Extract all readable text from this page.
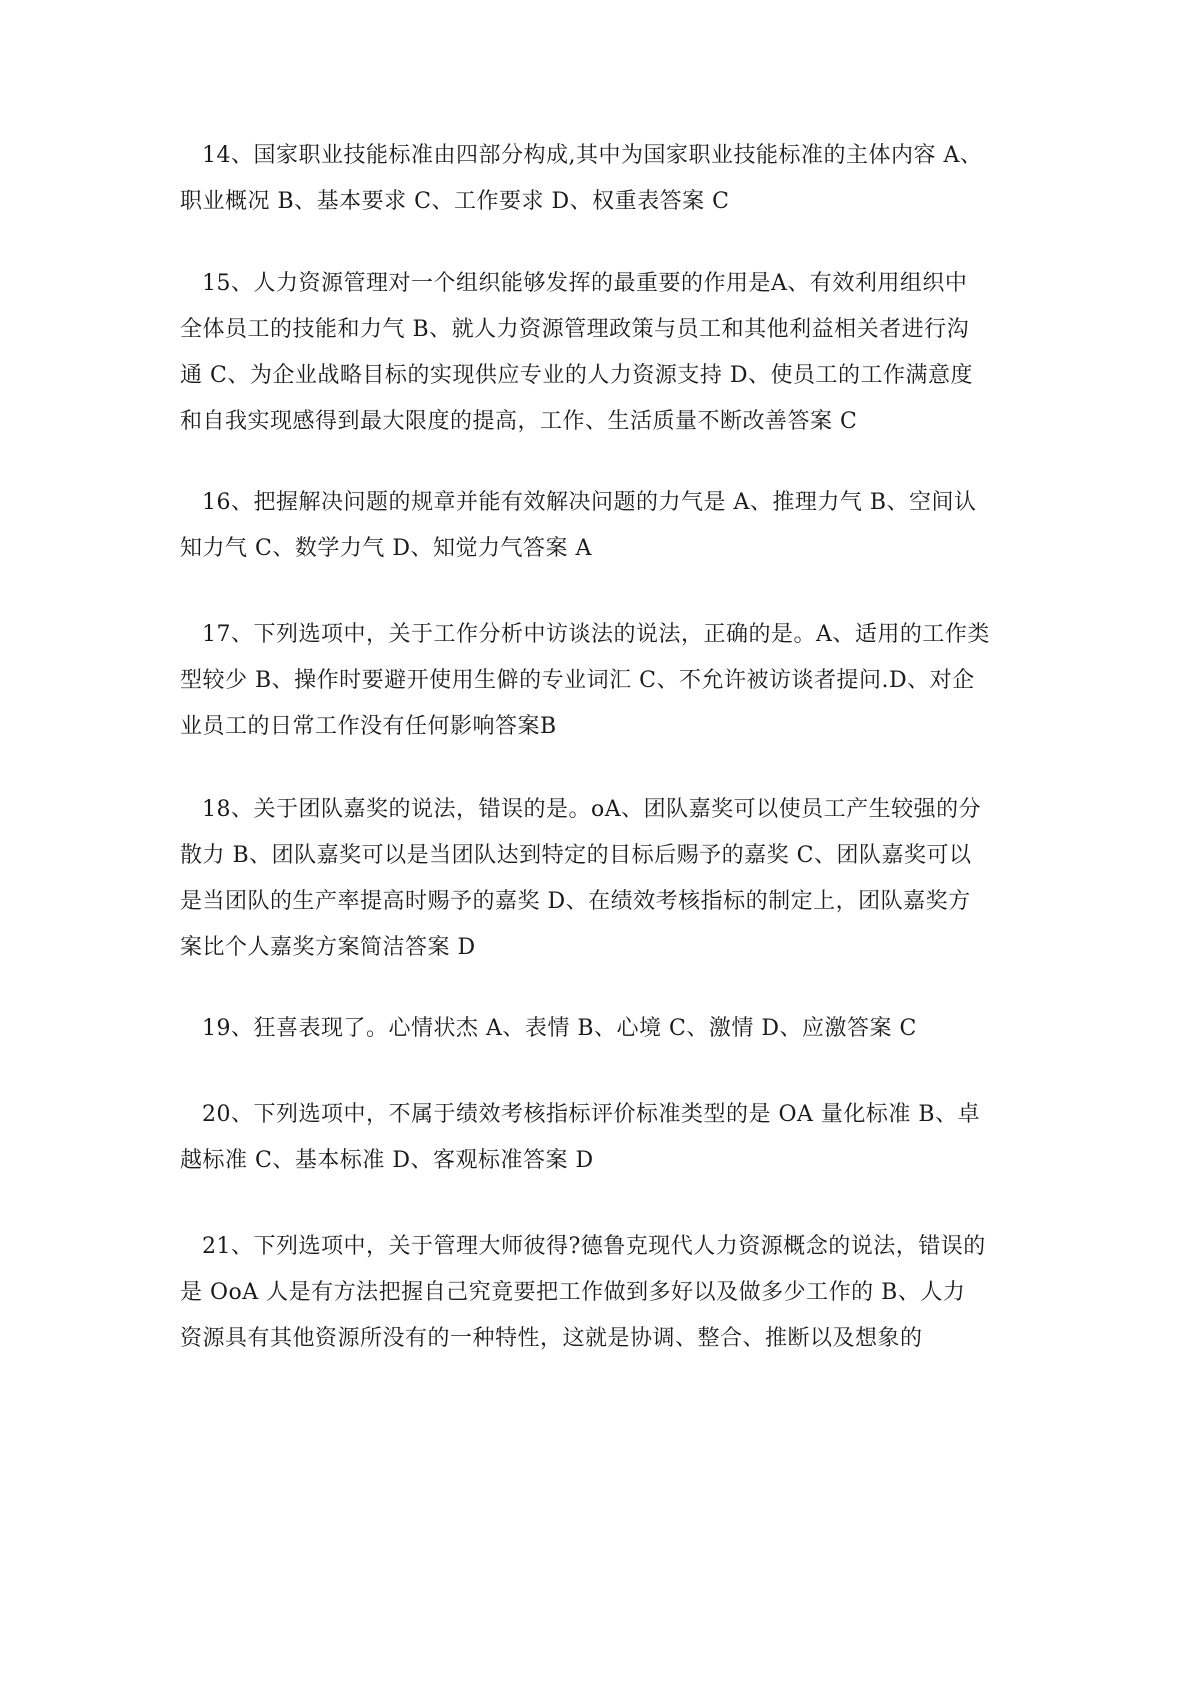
14、国家职业技能标准由四部分构成,其中为国家职业技能标准的主体内容 A、
职业概况 B、基本要求 C、工作要求 D、权重表答案 C

15、人力资源管理对一个组织能够发挥的最重要的作用是A、有效利用组织中
全体员工的技能和力气 B、就人力资源管理政策与员工和其他利益相关者进行沟
通 C、为企业战略目标的实现供应专业的人力资源支持 D、使员工的工作满意度
和自我实现感得到最大限度的提高，工作、生活质量不断改善答案 C

16、把握解决问题的规章并能有效解决问题的力气是 A、推理力气 B、空间认
知力气 C、数学力气 D、知觉力气答案 A

17、下列选项中，关于工作分析中访谈法的说法，正确的是。A、适用的工作类
型较少 B、操作时要避开使用生僻的专业词汇 C、不允许被访谈者提问.D、对企
业员工的日常工作没有任何影响答案B

18、关于团队嘉奖的说法，错误的是。oA、团队嘉奖可以使员工产生较强的分
散力 B、团队嘉奖可以是当团队达到特定的目标后赐予的嘉奖 C、团队嘉奖可以
是当团队的生产率提高时赐予的嘉奖 D、在绩效考核指标的制定上，团队嘉奖方
案比个人嘉奖方案简洁答案 D

19、狂喜表现了。心情状杰 A、表情 B、心境 C、激情 D、应激答案 C

20、下列选项中，不属于绩效考核指标评价标准类型的是 OA 量化标准 B、卓
越标准 C、基本标准 D、客观标准答案 D

21、下列选项中，关于管理大师彼得?德鲁克现代人力资源概念的说法，错误的
是 OoA 人是有方法把握自己究竟要把工作做到多好以及做多少工作的 B、人力
资源具有其他资源所没有的一种特性，这就是协调、整合、推断以及想象的
